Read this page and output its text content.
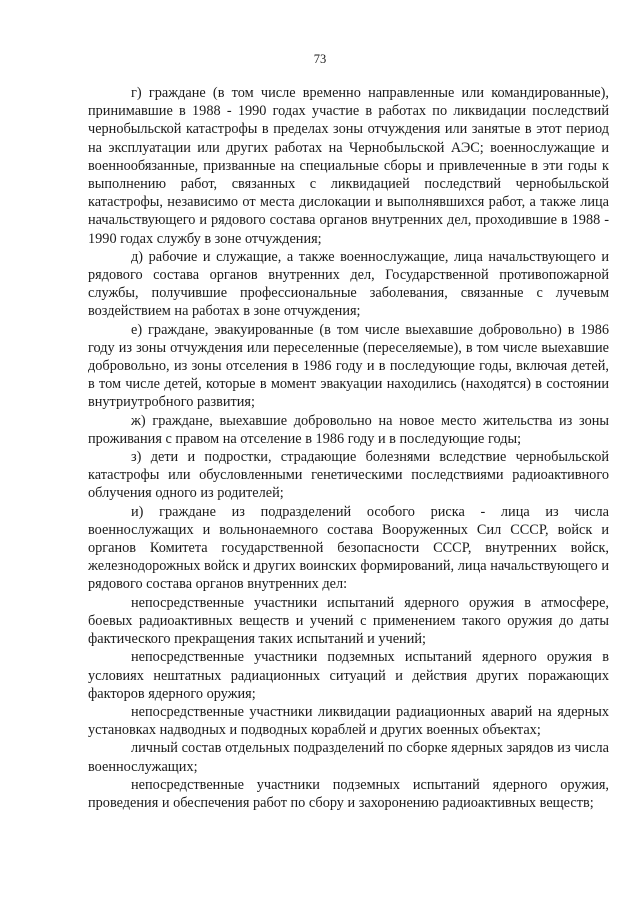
73

г) граждане (в том числе временно направленные или командированные), принимавшие в 1988 - 1990 годах участие в работах по ликвидации последствий чернобыльской катастрофы в пределах зоны отчуждения или занятые в этот период на эксплуатации или других работах на Чернобыльской АЭС; военнослужащие и военнообязанные, призванные на специальные сборы и привлеченные в эти годы к выполнению работ, связанных с ликвидацией последствий чернобыльской катастрофы, независимо от места дислокации и выполнявшихся работ, а также лица начальствующего и рядового состава органов внутренних дел, проходившие в 1988 - 1990 годах службу в зоне отчуждения;

д) рабочие и служащие, а также военнослужащие, лица начальствующего и рядового состава органов внутренних дел, Государственной противопожарной службы, получившие профессиональные заболевания, связанные с лучевым воздействием на работах в зоне отчуждения;

е) граждане, эвакуированные (в том числе выехавшие добровольно) в 1986 году из зоны отчуждения или переселенные (переселяемые), в том числе выехавшие добровольно, из зоны отселения в 1986 году и в последующие годы, включая детей, в том числе детей, которые в момент эвакуации находились (находятся) в состоянии внутриутробного развития;

ж) граждане, выехавшие добровольно на новое место жительства из зоны проживания с правом на отселение в 1986 году и в последующие годы;

з) дети и подростки, страдающие болезнями вследствие чернобыльской катастрофы или обусловленными генетическими последствиями радиоактивного облучения одного из родителей;

и) граждане из подразделений особого риска - лица из числа военнослужащих и вольнонаемного состава Вооруженных Сил СССР, войск и органов Комитета государственной безопасности СССР, внутренних войск, железнодорожных войск и других воинских формирований, лица начальствующего и рядового состава органов внутренних дел:

непосредственные участники испытаний ядерного оружия в атмосфере, боевых радиоактивных веществ и учений с применением такого оружия до даты фактического прекращения таких испытаний и учений;

непосредственные участники подземных испытаний ядерного оружия в условиях нештатных радиационных ситуаций и действия других поражающих факторов ядерного оружия;

непосредственные участники ликвидации радиационных аварий на ядерных установках надводных и подводных кораблей и других военных объектах;

личный состав отдельных подразделений по сборке ядерных зарядов из числа военнослужащих;

непосредственные участники подземных испытаний ядерного оружия, проведения и обеспечения работ по сбору и захоронению радиоактивных веществ;
